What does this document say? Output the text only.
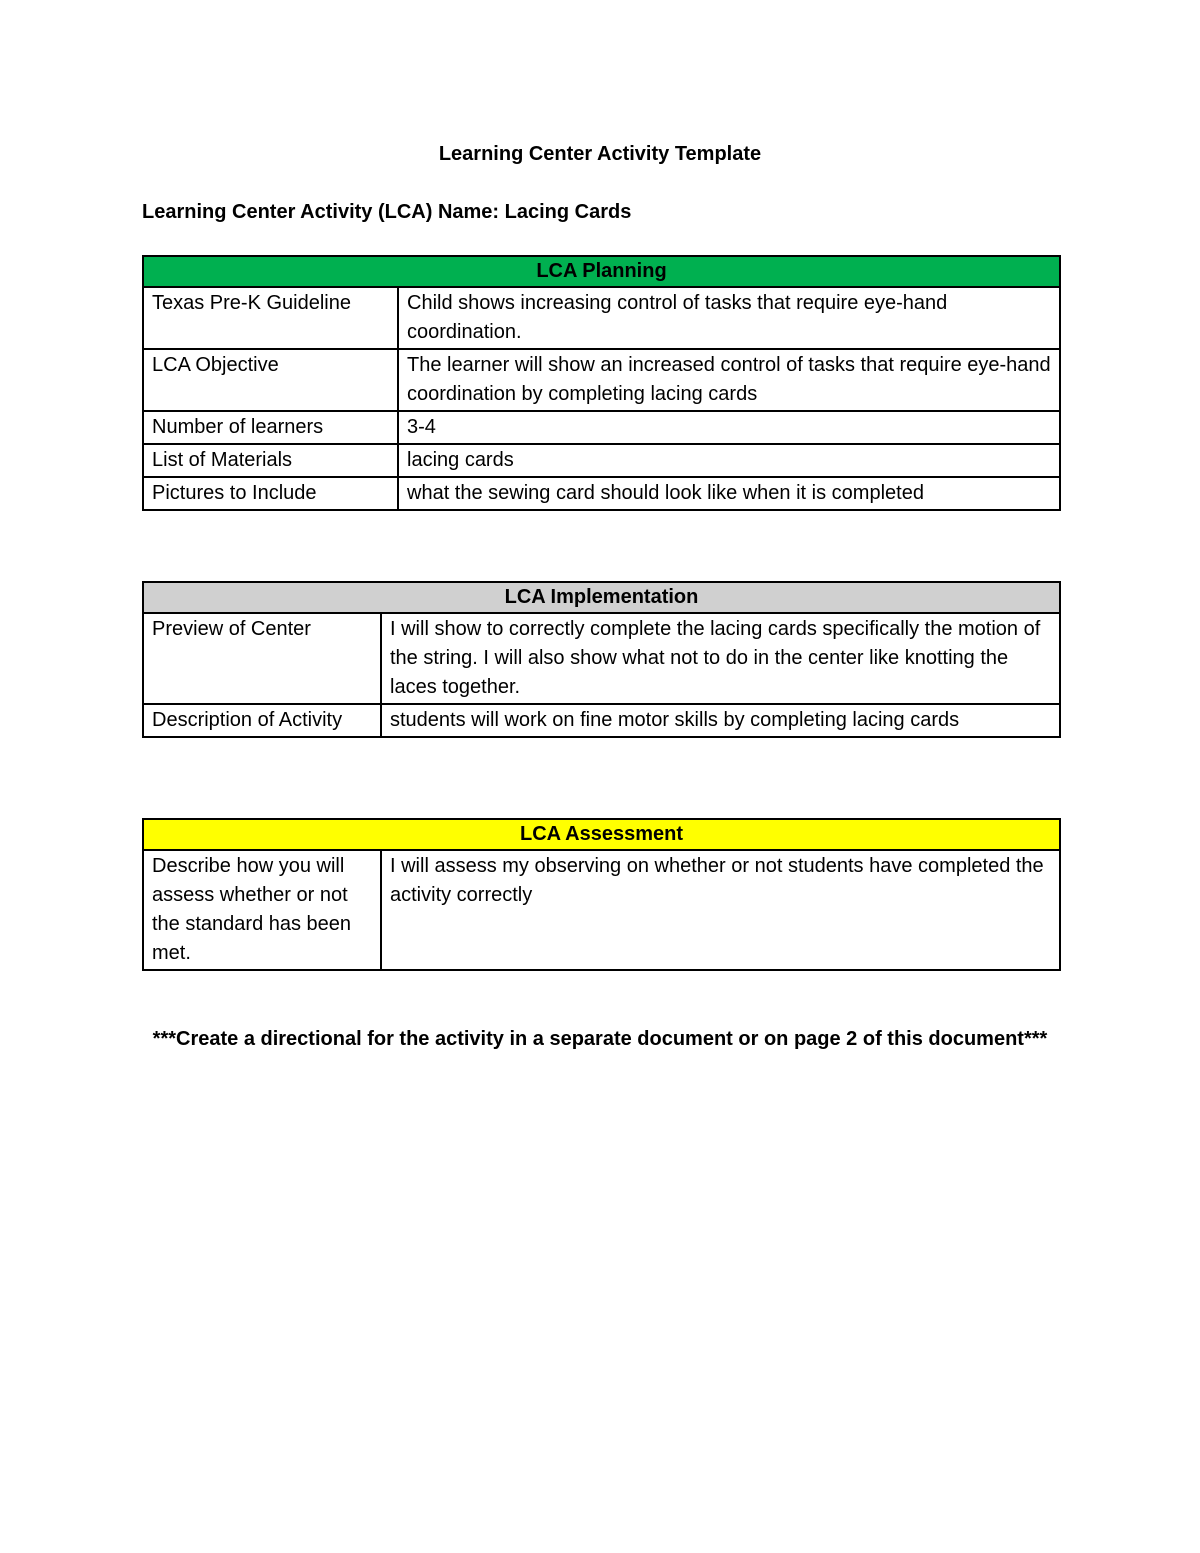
Learning Center Activity Template
Learning Center Activity (LCA) Name: Lacing Cards
LCA Planning	
Texas Pre-K Guideline	Child shows increasing control of tasks that require eye-hand coordination.
LCA Objective	The learner will show an increased control of tasks that require eye-hand coordination by completing lacing cards
Number of learners	3-4
List of Materials	lacing cards
Pictures to Include	what the sewing card should look like when it is completed
LCA Implementation	
Preview of Center	I will show to correctly complete the lacing cards specifically the motion of the string. I will also show what not to do in the center like knotting the laces together.
Description of Activity	students will work on fine motor skills by completing lacing cards
LCA Assessment
Describe how you will assess whether or not the standard has been met.	I will assess my observing on whether or not students have completed the activity correctly
***Create a directional for the activity in a separate document or on page 2 of this document***
